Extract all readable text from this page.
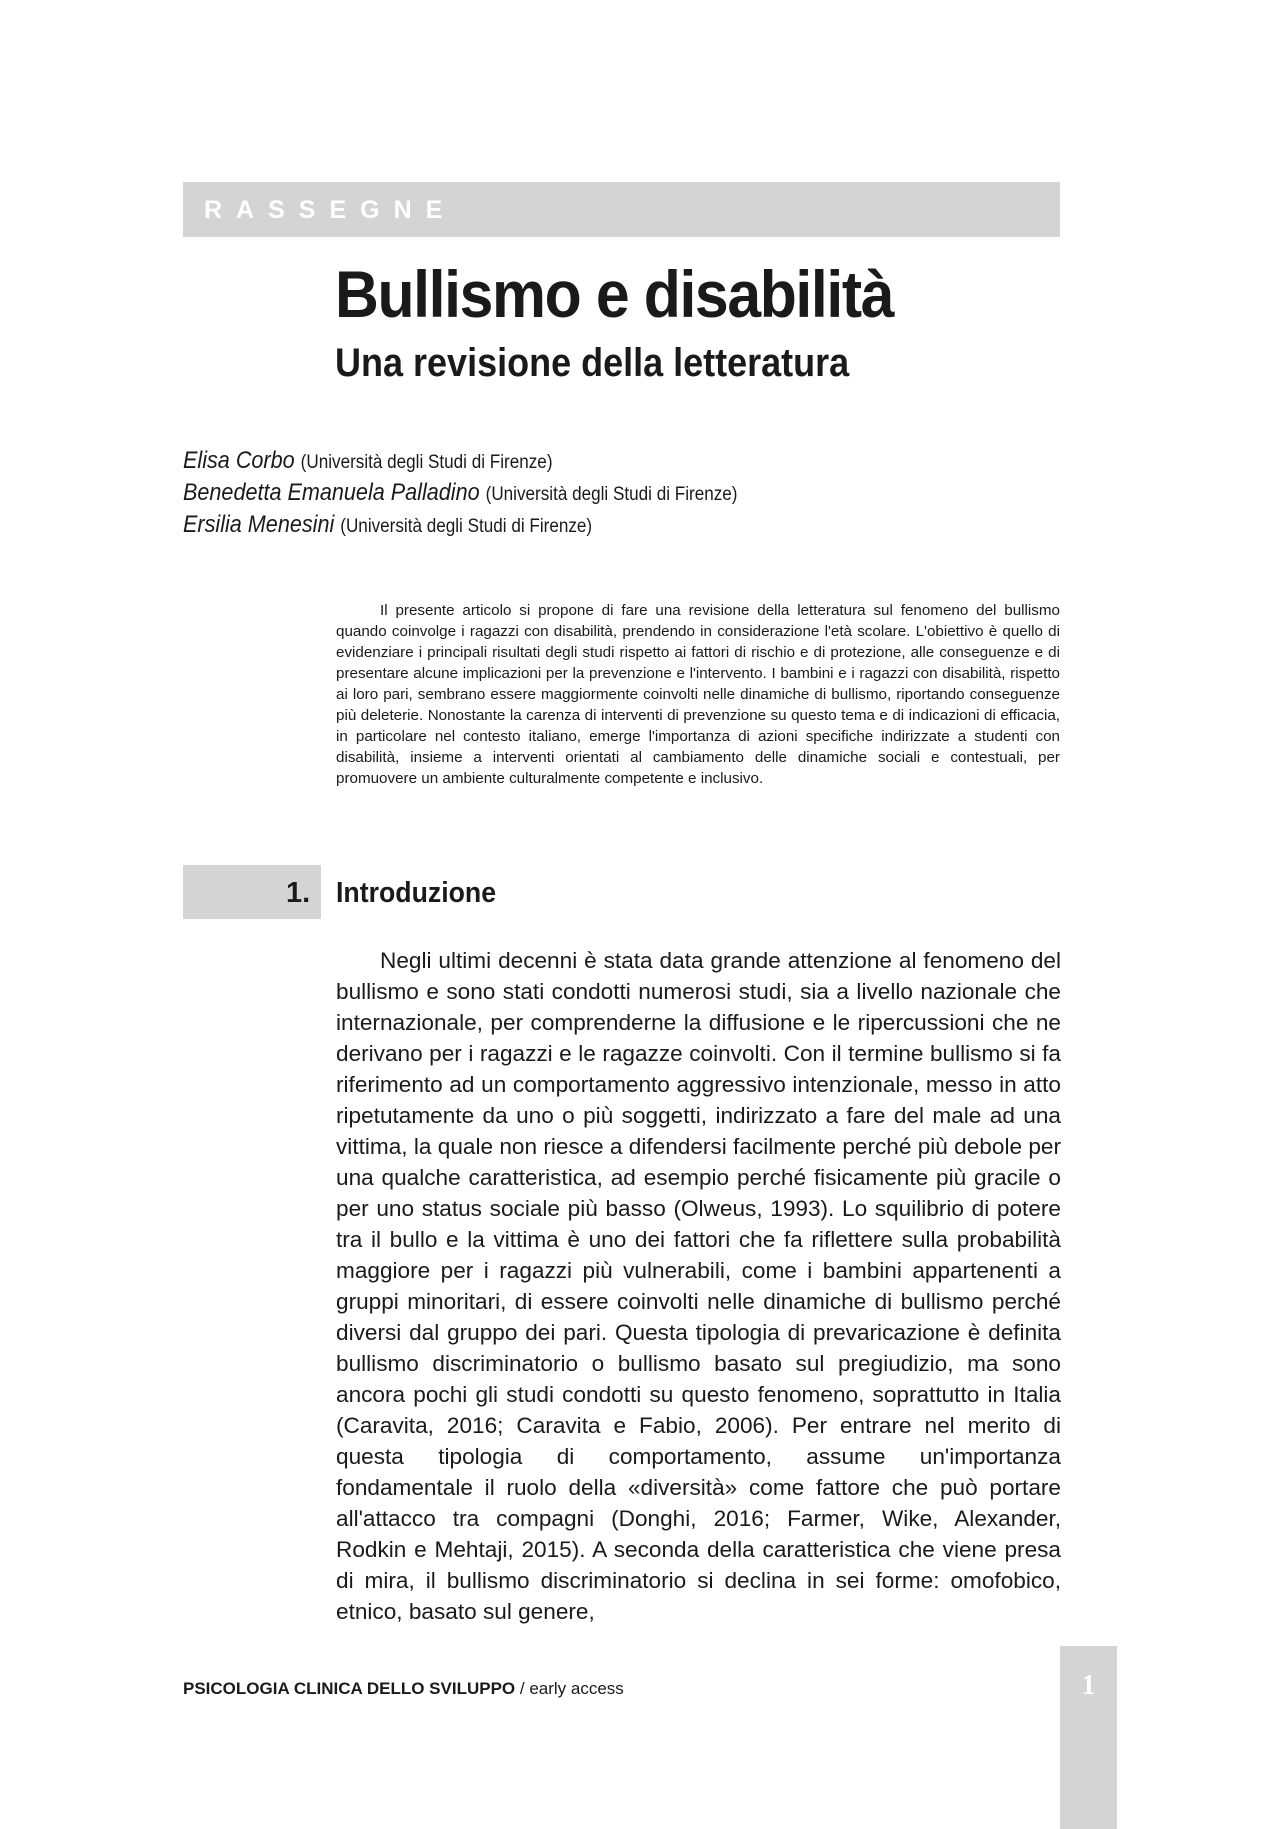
RASSEGNE
Bullismo e disabilità
Una revisione della letteratura
Elisa Corbo (Università degli Studi di Firenze)
Benedetta Emanuela Palladino (Università degli Studi di Firenze)
Ersilia Menesini (Università degli Studi di Firenze)

Il presente articolo si propone di fare una revisione della letteratura sul fenomeno del bullismo quando coinvolge i ragazzi con disabilità, prendendo in considerazione l'età scolare. L'obiettivo è quello di evidenziare i principali risultati degli studi rispetto ai fattori di rischio e di protezione, alle conseguenze e di presentare alcune implicazioni per la prevenzione e l'intervento. I bambini e i ragazzi con disabilità, rispetto ai loro pari, sembrano essere maggiormente coinvolti nelle dinamiche di bullismo, riportando conseguenze più deleterie. Nonostante la carenza di interventi di prevenzione su questo tema e di indicazioni di efficacia, in particolare nel contesto italiano, emerge l'importanza di azioni specifiche indirizzate a studenti con disabilità, insieme a interventi orientati al cambiamento delle dinamiche sociali e contestuali, per promuovere un ambiente culturalmente competente e inclusivo.

1. Introduzione

Negli ultimi decenni è stata data grande attenzione al fenomeno del bullismo e sono stati condotti numerosi studi, sia a livello nazionale che internazionale, per comprenderne la diffusione e le ripercussioni che ne derivano per i ragazzi e le ragazze coinvolti. Con il termine bullismo si fa riferimento ad un comportamento aggressivo intenzionale, messo in atto ripetutamente da uno o più soggetti, indirizzato a fare del male ad una vittima, la quale non riesce a difendersi facilmente perché più debole per una qualche caratteristica, ad esempio perché fisicamente più gracile o per uno status sociale più basso (Olweus, 1993). Lo squilibrio di potere tra il bullo e la vittima è uno dei fattori che fa riflettere sulla probabilità maggiore per i ragazzi più vulnerabili, come i bambini appartenenti a gruppi minoritari, di essere coinvolti nelle dinamiche di bullismo perché diversi dal gruppo dei pari. Questa tipologia di prevaricazione è definita bullismo discriminatorio o bullismo basato sul pregiudizio, ma sono ancora pochi gli studi condotti su questo fenomeno, soprattutto in Italia (Caravita, 2016; Caravita e Fabio, 2006). Per entrare nel merito di questa tipologia di comportamento, assume un'importanza fondamentale il ruolo della «diversità» come fattore che può portare all'attacco tra compagni (Donghi, 2016; Farmer, Wike, Alexander, Rodkin e Mehtaji, 2015). A seconda della caratteristica che viene presa di mira, il bullismo discriminatorio si declina in sei forme: omofobico, etnico, basato sul genere,

PSICOLOGIA CLINICA DELLO SVILUPPO / early access	1
